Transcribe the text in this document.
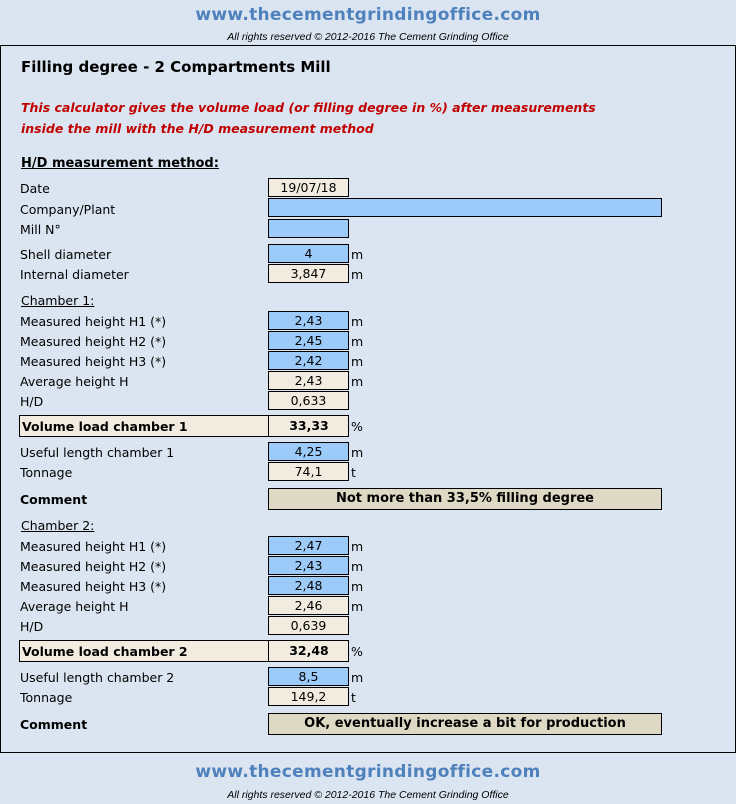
www.thecementgrindingoffice.com
All rights reserved © 2012-2016 The Cement Grinding Office
Filling degree - 2 Compartments Mill
This calculator gives the volume load (or filling degree in %) after measurements
inside the mill with the H/D measurement method
H/D measurement method:
Date	19/07/18
Company/Plant
Mill N°
Shell diameter	4	m
Internal diameter	3,847	m
Chamber 1:
Measured height H1 (*)	2,43	m
Measured height H2 (*)	2,45	m
Measured height H3 (*)	2,42	m
Average height H	2,43	m
H/D	0,633
Volume load chamber 1	33,33	%
Useful length chamber 1	4,25	m
Tonnage	74,1	t
Comment	Not more than 33,5% filling degree
Chamber 2:
Measured height H1 (*)	2,47	m
Measured height H2 (*)	2,43	m
Measured height H3 (*)	2,48	m
Average height H	2,46	m
H/D	0,639
Volume load chamber 2	32,48	%
Useful length chamber 2	8,5	m
Tonnage	149,2	t
Comment	OK, eventually increase a bit for production
www.thecementgrindingoffice.com
All rights reserved © 2012-2016 The Cement Grinding Office
